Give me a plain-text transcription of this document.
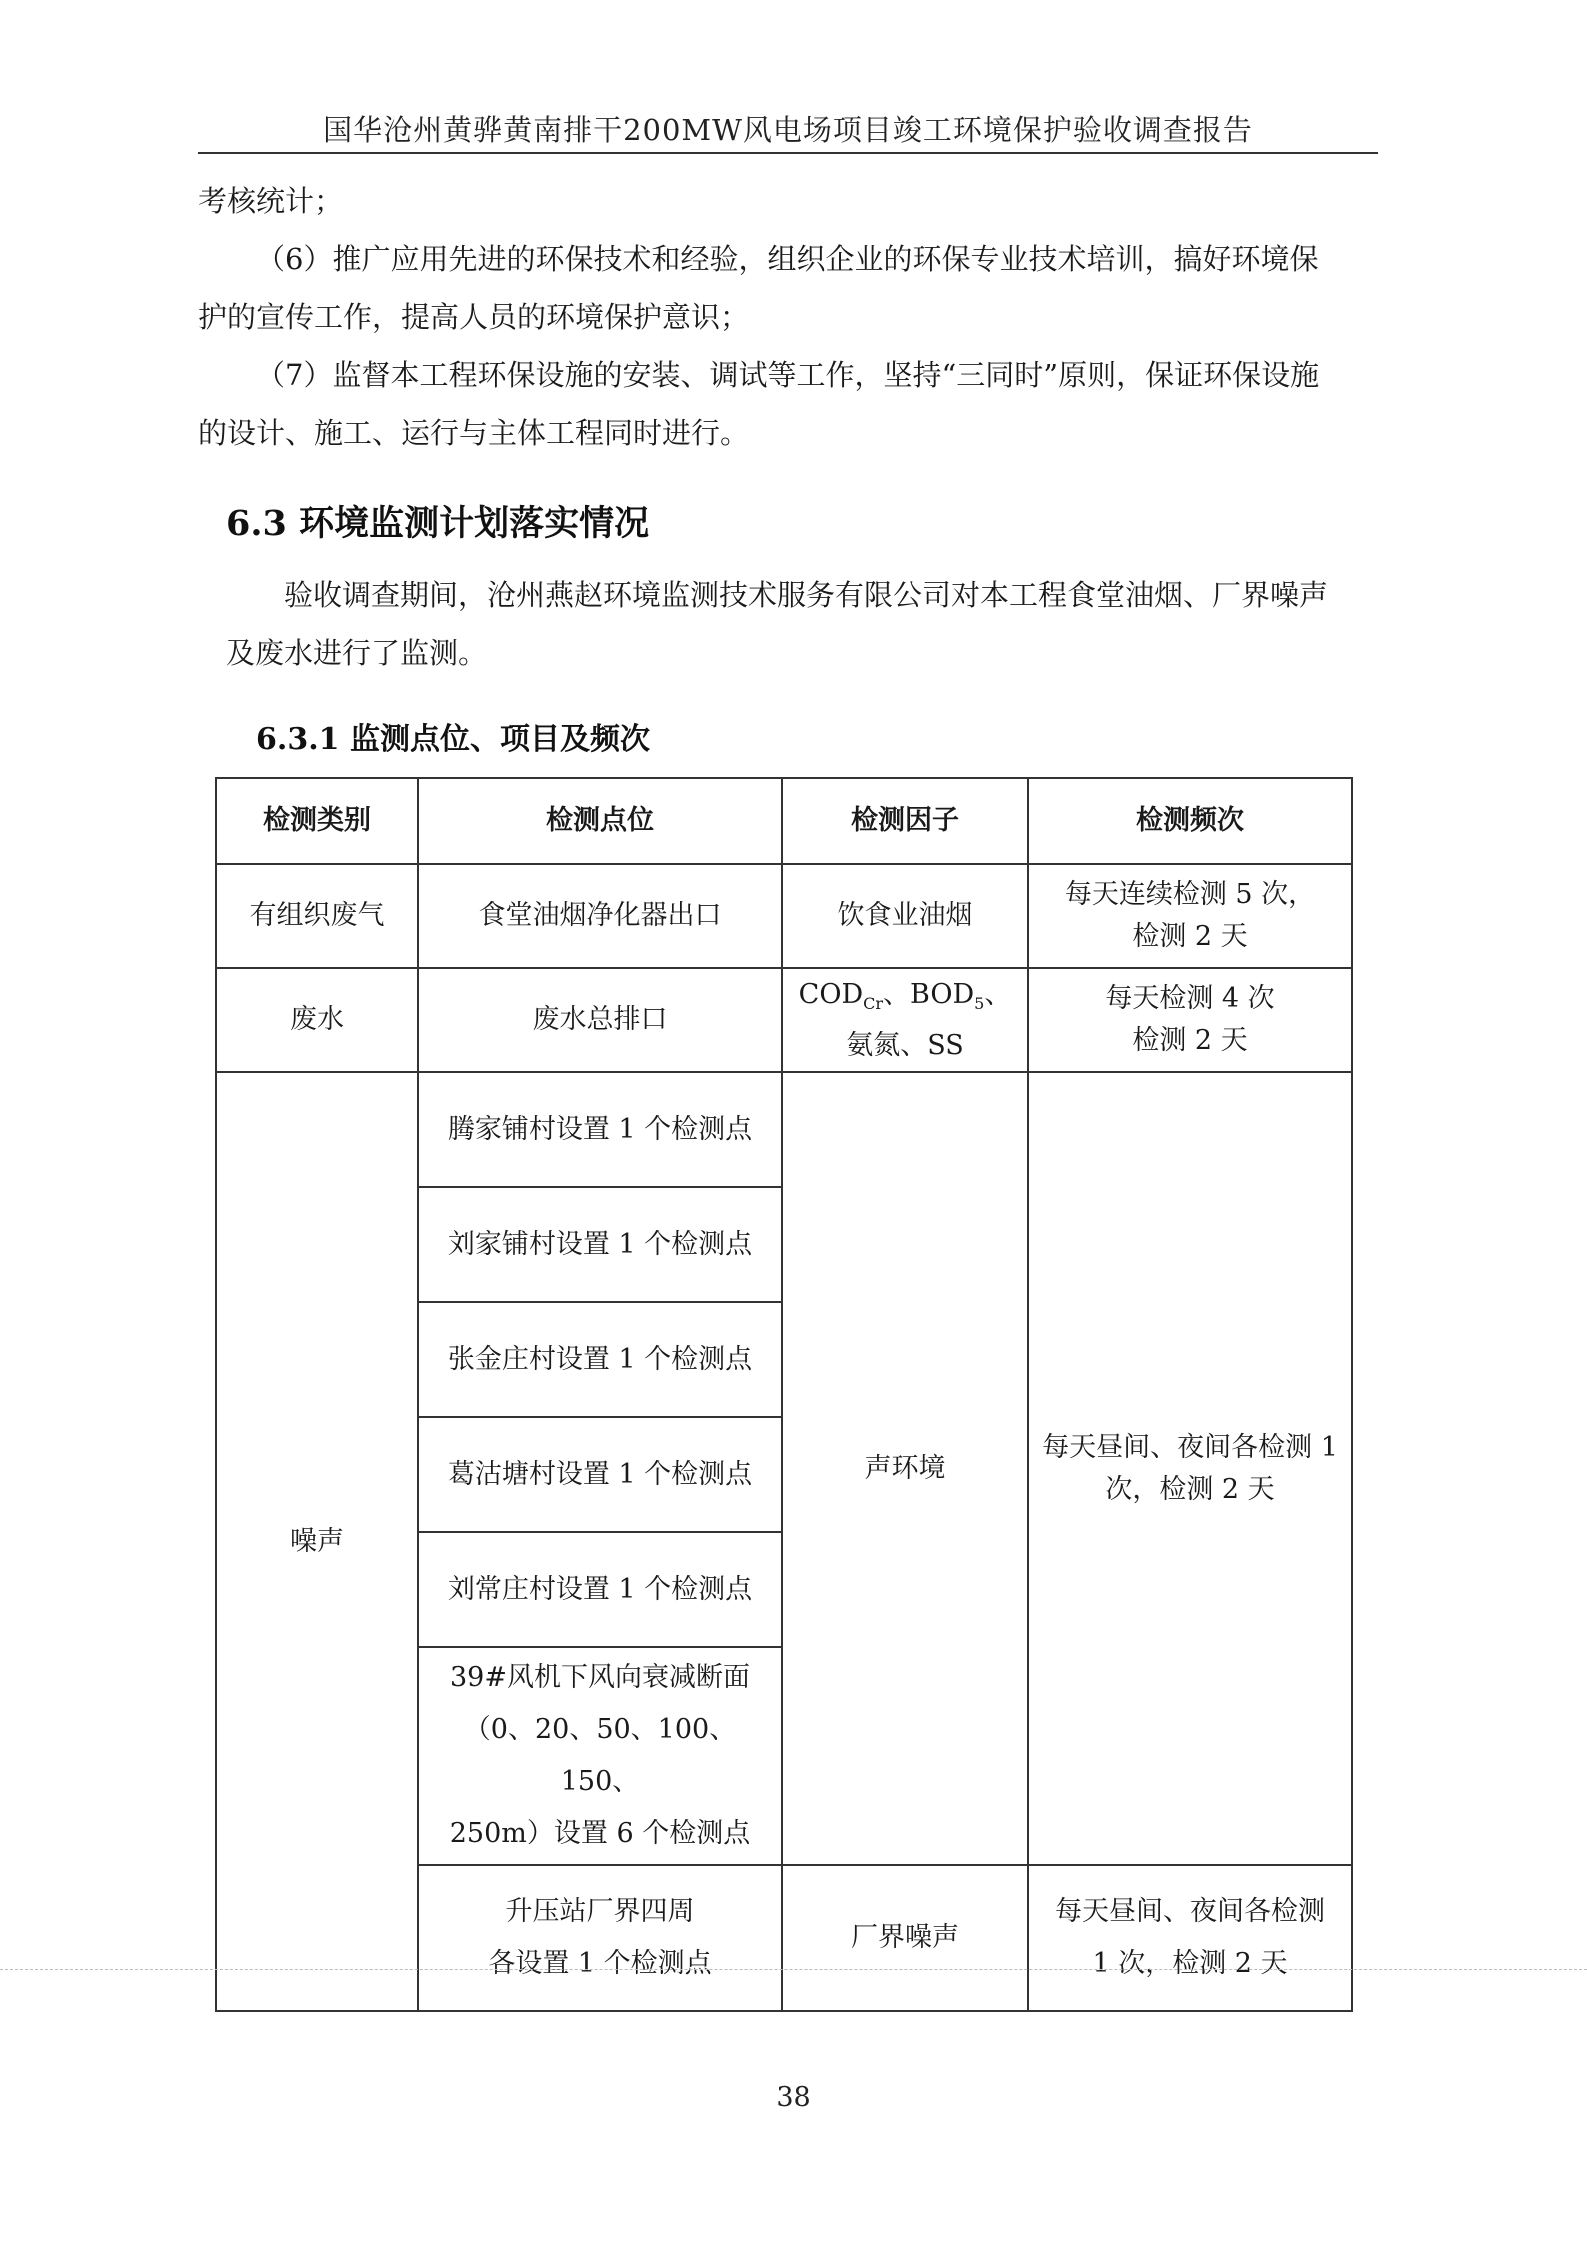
国华沧州黄骅黄南排干200MW风电场项目竣工环境保护验收调查报告

考核统计；

（6）推广应用先进的环保技术和经验，组织企业的环保专业技术培训，搞好环境保护的宣传工作，提高人员的环境保护意识；

（7）监督本工程环保设施的安装、调试等工作，坚持“三同时”原则，保证环保设施的设计、施工、运行与主体工程同时进行。

6.3 环境监测计划落实情况

验收调查期间，沧州燕赵环境监测技术服务有限公司对本工程食堂油烟、厂界噪声及废水进行了监测。

6.3.1 监测点位、项目及频次
检测类别	检测点位	检测因子	检测频次
有组织废气	食堂油烟净化器出口	饮食业油烟	每天连续检测 5 次，
检测 2 天
废水	废水总排口	$COD_{Cr}$、$BOD_5$、
氨氮、SS	每天检测 4 次
检测 2 天
噪声	腾家铺村设置 1 个检测点	声环境	每天昼间、夜间各检测 1
次，检测 2 天
	刘家铺村设置 1 个检测点		
	张金庄村设置 1 个检测点		
	葛沽塘村设置 1 个检测点		
	刘常庄村设置 1 个检测点		
	39#风机下风向衰减断面
（0、20、50、100、150、
250m）设置 6 个检测点		
	升压站厂界四周
各设置 1 个检测点	厂界噪声	每天昼间、夜间各检测
1 次，检测 2 天
38
